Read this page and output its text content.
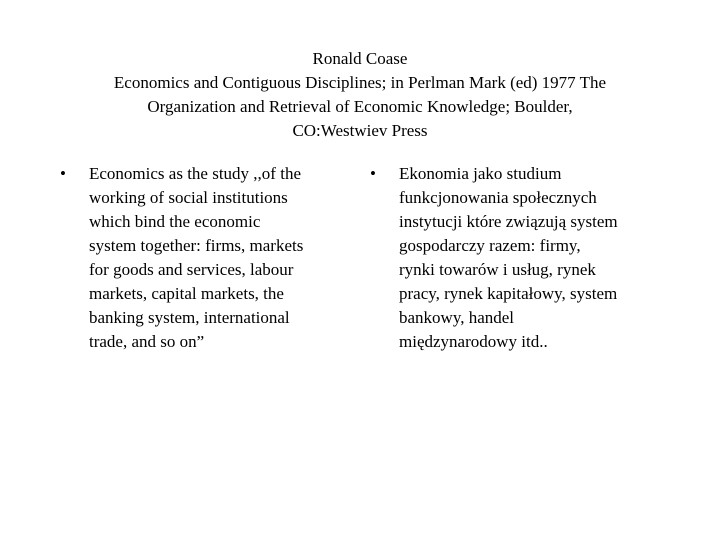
Ronald Coase
Economics and Contiguous Disciplines; in Perlman Mark (ed) 1977 The
Organization and Retrieval of Economic Knowledge; Boulder,
CO:Westwiev Press
•	Economics as the study ,,of the
working of social institutions
which bind the economic
system together: firms, markets
for goods and services, labour
markets, capital markets, the
banking system, international
trade, and so on”
•	Ekonomia jako studium
funkcjonowania społecznych
instytucji które związują system
gospodarczy razem: firmy,
rynki towarów i usług, rynek
pracy, rynek kapitałowy, system
bankowy, handel
międzynarodowy itd..
